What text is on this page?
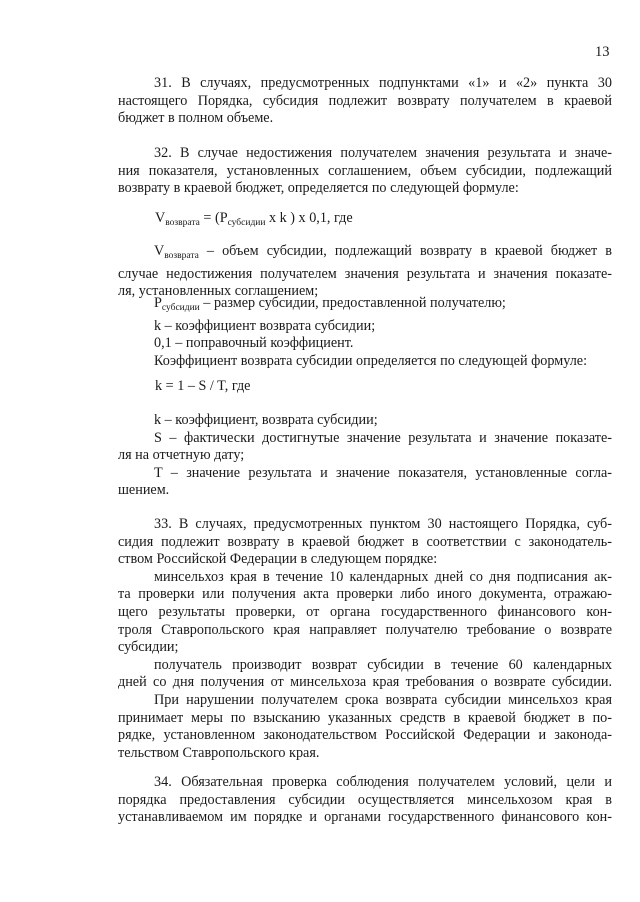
13
31. В случаях, предусмотренных подпунктами «1» и «2» пункта 30
настоящего Порядка, субсидия подлежит возврату получателем в краевой
бюджет в полном объеме.
32. В случае недостижения получателем значения результата и значе-
ния показателя, установленных соглашением, объем субсидии, подлежащий
возврату в краевой бюджет, определяется по следующей формуле:
$V_{возврата} = (P_{субсидии}$ x k ) x 0,1, где
$V_{возврата}$ – объем субсидии, подлежащий возврату в краевой бюджет в
случае недостижения получателем значения результата и значения показате-
ля, установленных соглашением;
$P_{субсидии}$ – размер субсидии, предоставленной получателю;
k – коэффициент возврата субсидии;
0,1 – поправочный коэффициент.
Коэффициент возврата субсидии определяется по следующей формуле:
k = 1 – S / T, где
k – коэффициент, возврата субсидии;
S – фактически достигнутые значение результата и значение показате-
ля на отчетную дату;
T – значение результата и значение показателя, установленные согла-
шением.
33. В случаях, предусмотренных пунктом 30 настоящего Порядка, суб-
сидия подлежит возврату в краевой бюджет в соответствии с законодатель-
ством Российской Федерации в следующем порядке:
минсельхоз края в течение 10 календарных дней со дня подписания ак-
та проверки или получения акта проверки либо иного документа, отражаю-
щего результаты проверки, от органа государственного финансового кон-
троля Ставропольского края направляет получателю требование о возврате
субсидии;
получатель производит возврат субсидии в течение 60 календарных
дней со дня получения от минсельхоза края требования о возврате субсидии.
При нарушении получателем срока возврата субсидии минсельхоз края
принимает меры по взысканию указанных средств в краевой бюджет в по-
рядке, установленном законодательством Российской Федерации и законода-
тельством Ставропольского края.
34. Обязательная проверка соблюдения получателем условий, цели и
порядка предоставления субсидии осуществляется минсельхозом края в
устанавливаемом им порядке и органами государственного финансового кон-
